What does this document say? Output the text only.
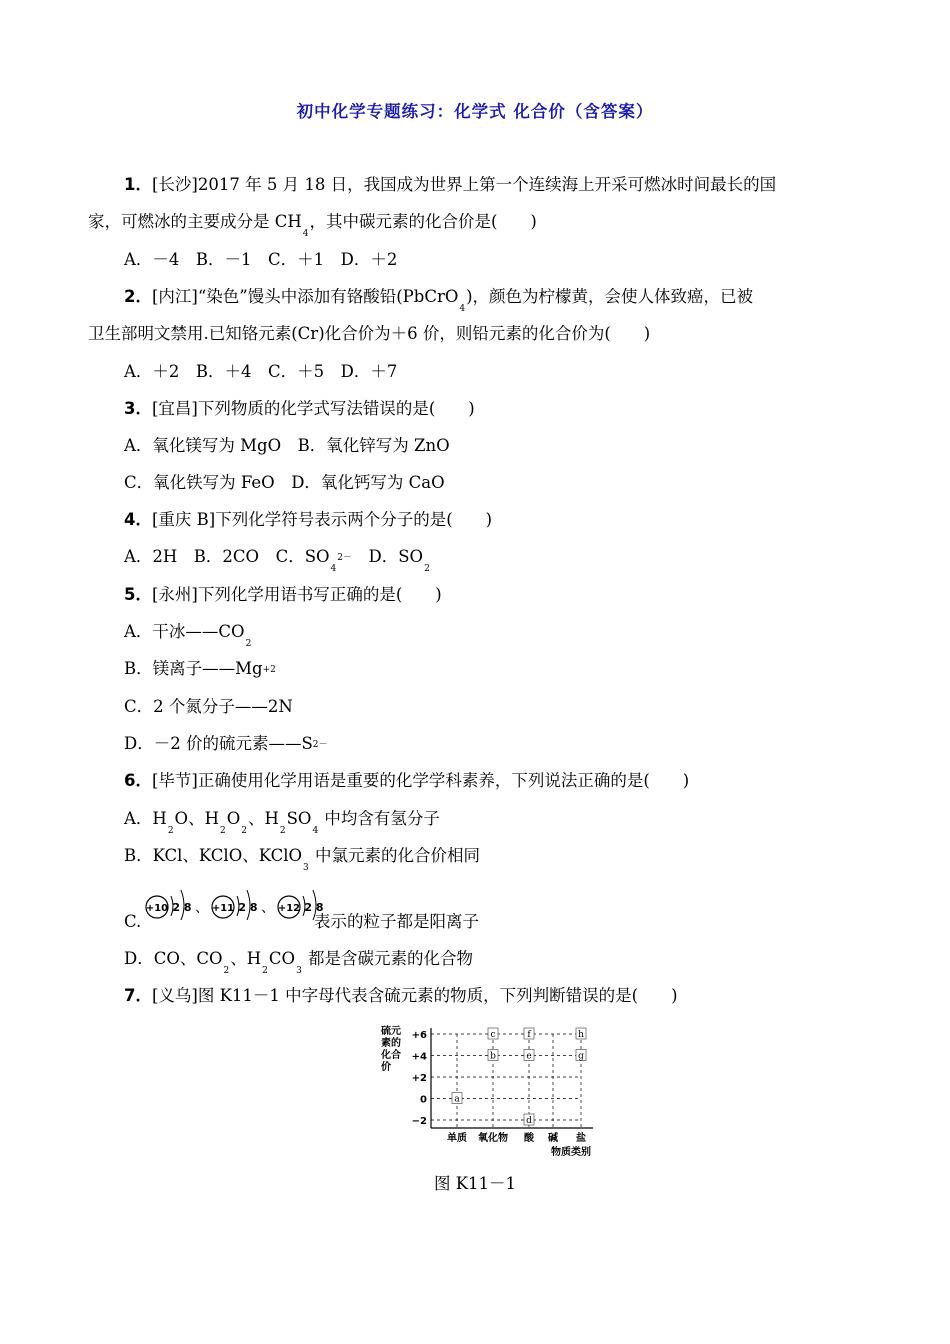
初中化学专题练习：化学式 化合价（含答案）
1．[长沙]2017 年 5 月 18 日，我国成为世界上第一个连续海上开采可燃冰时间最长的国
家，可燃冰的主要成分是 $CH_4$，其中碳元素的化合价是(　　)
A．－4　B．－1　C．＋1　D．＋2
2．[内江]“染色”馒头中添加有铬酸铅(PbCrO$_4$)，颜色为柠檬黄，会使人体致癌，已被
卫生部明文禁用.已知铬元素(Cr)化合价为＋6 价，则铅元素的化合价为(　　)
A．＋2　B．＋4　C．＋5　D．＋7
3．[宜昌]下列物质的化学式写法错误的是(　　)
A．氧化镁写为 MgO　B．氧化锌写为 ZnO
C．氧化铁写为 FeO　D．氧化钙写为 CaO
4．[重庆 B]下列化学符号表示两个分子的是(　　)
A．2H　B．2CO　C．$SO_42-$　D．$SO_2$
5．[永州]下列化学用语书写正确的是(　　)
A．干冰$——CO_2$
B．镁离子——Mg+2
C．2 个氮分子——2N
D．－2 价的硫元素——S2－
6．[毕节]正确使用化学用语是重要的化学学科素养，下列说法正确的是(　　)
A．$H_2O$、$H_2O_2$、$H_2SO_4$ 中均含有氢分子
B．KCl、KClO、KClO$_3$ 中氯元素的化合价相同
+10 2 8 、 +11 2 8 、 +12 2 8
C.	表示的粒子都是阳离子
D．CO、$CO_2$、$H_2CO_3$ 都是含碳元素的化合物
7．[义乌]图 K11－1 中字母代表含硫元素的物质，下列判断错误的是(　　)
硫元
素的
化合
价
+6
+4
+2
0
−2
单质 氧化物 酸 碱 盐
a
b
c
d
e
f
g
h
物质类别
图 K11－1
